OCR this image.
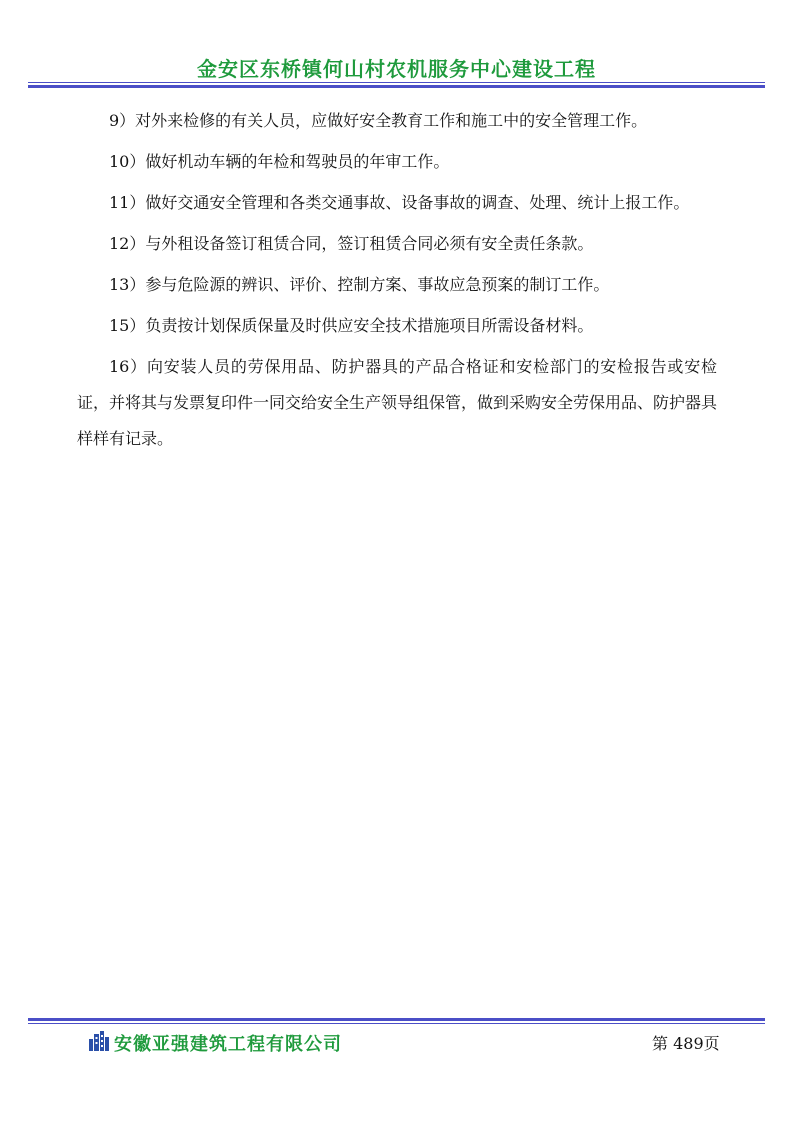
金安区东桥镇何山村农机服务中心建设工程

9）对外来检修的有关人员，应做好安全教育工作和施工中的安全管理工作。

10）做好机动车辆的年检和驾驶员的年审工作。

11）做好交通安全管理和各类交通事故、设备事故的调查、处理、统计上报工作。

12）与外租设备签订租赁合同，签订租赁合同必须有安全责任条款。

13）参与危险源的辨识、评价、控制方案、事故应急预案的制订工作。

15）负责按计划保质保量及时供应安全技术措施项目所需设备材料。

16）向安装人员的劳保用品、防护器具的产品合格证和安检部门的安检报告或安检证，并将其与发票复印件一同交给安全生产领导组保管，做到采购安全劳保用品、防护器具样样有记录。

安徽亚强建筑工程有限公司	第 489页
